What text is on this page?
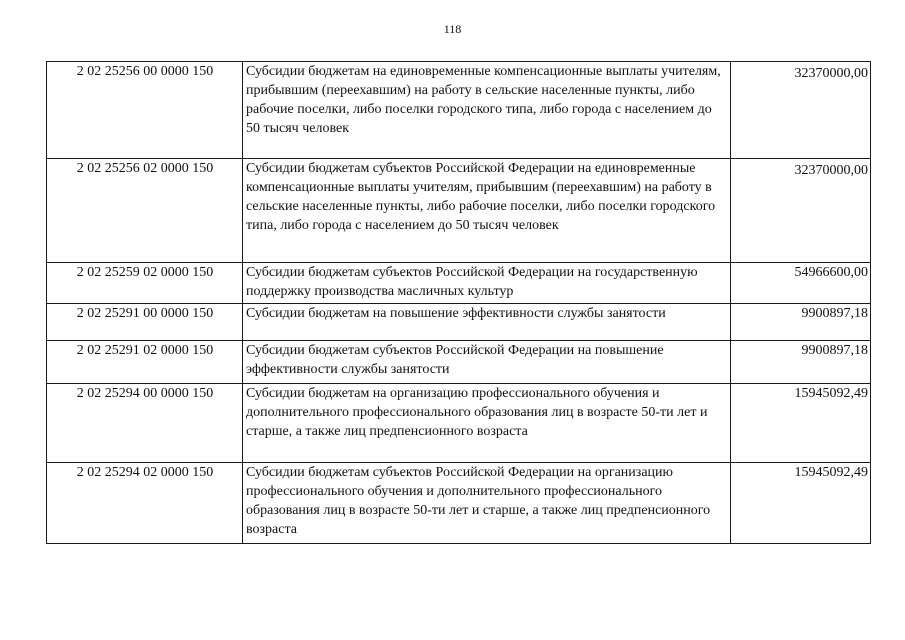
118
2 02 25256 00 0000 150	Субсидии бюджетам на единовременные компенсационные выплаты учителям, прибывшим (переехавшим) на работу в сельские населенные пункты, либо рабочие поселки, либо поселки городского типа, либо города с населением до 50 тысяч человек	32370000,00
2 02 25256 02 0000 150	Субсидии бюджетам субъектов Российской Федерации на единовременные компенсационные выплаты учителям, прибывшим (переехавшим) на работу в сельские населенные пункты, либо рабочие поселки, либо поселки городского типа, либо города с населением до 50 тысяч человек	32370000,00
2 02 25259 02 0000 150	Субсидии бюджетам субъектов Российской Федерации на государственную поддержку производства масличных культур	54966600,00
2 02 25291 00 0000 150	Субсидии бюджетам на повышение эффективности службы занятости	9900897,18
2 02 25291 02 0000 150	Субсидии бюджетам субъектов Российской Федерации на повышение эффективности службы занятости	9900897,18
2 02 25294 00 0000 150	Субсидии бюджетам на организацию профессионального обучения и дополнительного профессионального образования лиц в возрасте 50-ти лет и старше, а также лиц предпенсионного возраста	15945092,49
2 02 25294 02 0000 150	Субсидии бюджетам субъектов Российской Федерации на организацию профессионального обучения и дополнительного профессионального образования лиц в возрасте 50-ти лет и старше, а также лиц предпенсионного возраста	15945092,49
